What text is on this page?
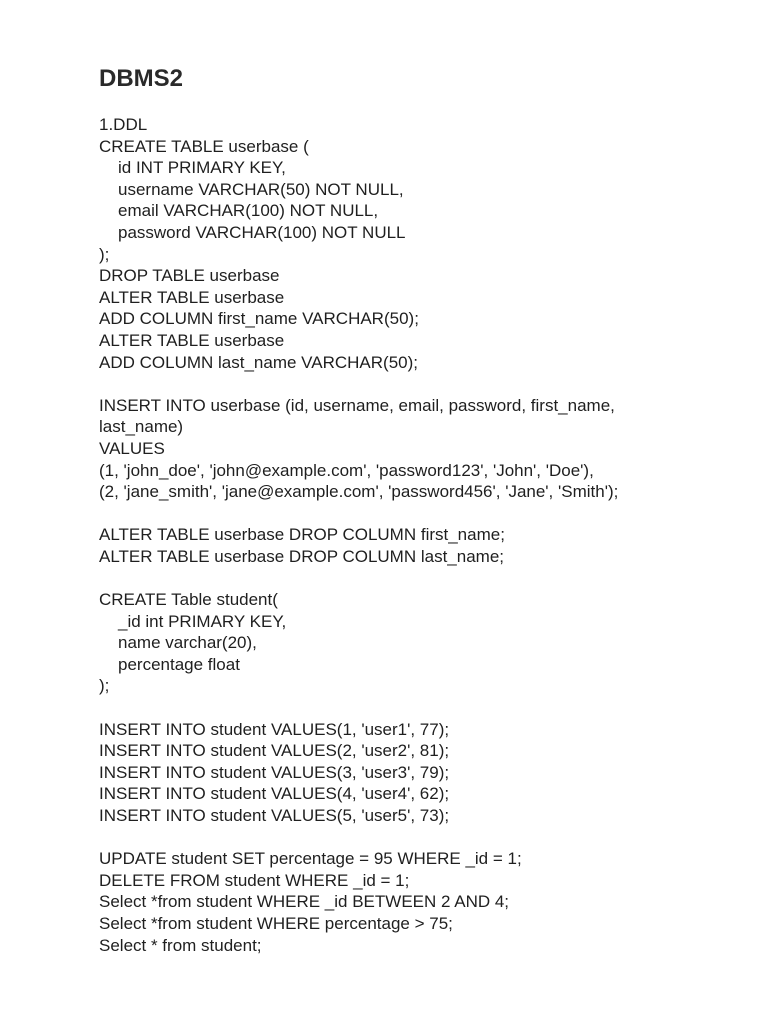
DBMS2
1.DDL
CREATE TABLE userbase (
id INT PRIMARY KEY,
username VARCHAR(50) NOT NULL,
email VARCHAR(100) NOT NULL,
password VARCHAR(100) NOT NULL
);
DROP TABLE userbase
ALTER TABLE userbase
ADD COLUMN first_name VARCHAR(50);
ALTER TABLE userbase
ADD COLUMN last_name VARCHAR(50);
INSERT INTO userbase (id, username, email, password, first_name,
last_name)
VALUES
(1, 'john_doe', 'john@example.com', 'password123', 'John', 'Doe'),
(2, 'jane_smith', 'jane@example.com', 'password456', 'Jane', 'Smith');
ALTER TABLE userbase DROP COLUMN first_name;
ALTER TABLE userbase DROP COLUMN last_name;
CREATE Table student(
_id int PRIMARY KEY,
name varchar(20),
percentage float
);
INSERT INTO student VALUES(1, 'user1', 77);
INSERT INTO student VALUES(2, 'user2', 81);
INSERT INTO student VALUES(3, 'user3', 79);
INSERT INTO student VALUES(4, 'user4', 62);
INSERT INTO student VALUES(5, 'user5', 73);
UPDATE student SET percentage = 95 WHERE _id = 1;
DELETE FROM student WHERE _id = 1;
Select *from student WHERE _id BETWEEN 2 AND 4;
Select *from student WHERE percentage > 75;
Select * from student;
